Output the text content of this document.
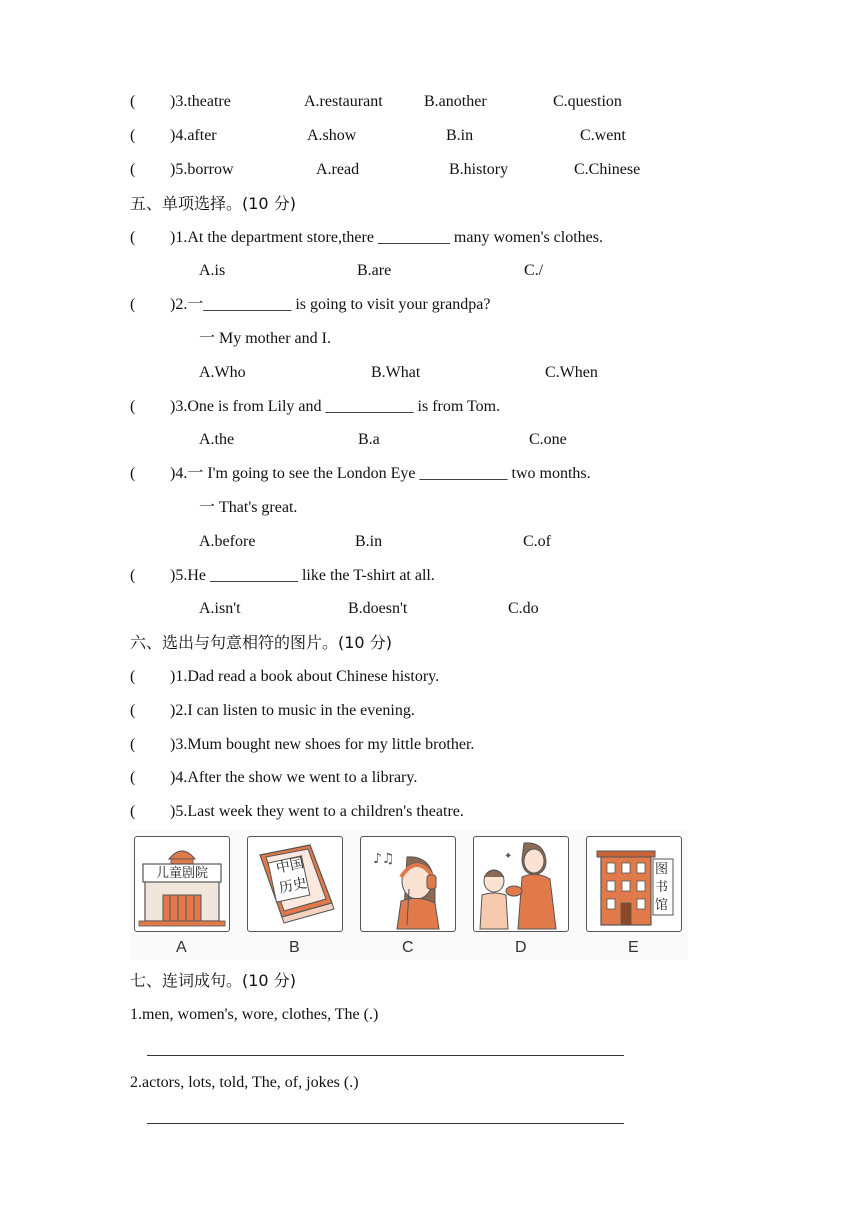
( )3.theatre	A.restaurant	B.another	C.question
( )4.after	A.show	B.in	C.went
( )5.borrow	A.read	B.history	C.Chinese
五、单项选择。(10 分)
( )1.At the department store,there _________ many women's clothes.
A.is	B.are	C./
( )2.一___________ is going to visit your grandpa?
一 My mother and I.
A.Who	B.What	C.When
( )3.One is from Lily and ___________ is from Tom.
A.the	B.a	C.one
( )4.一 I'm going to see the London Eye ___________ two months.
一 That's great.
A.before	B.in	C.of
( )5.He ___________ like the T-shirt at all.
A.isn't	B.doesn't	C.do
六、选出与句意相符的图片。(10 分)
( )1.Dad read a book about Chinese history.
( )2.I can listen to music in the evening.
( )3.Mum bought new shoes for my little brother.
( )4.After the show we went to a library.
( )5.Last week they went to a children's theatre.
儿童剧院	中国
历史
♪♫	✦
图
书
馆
A	B	C	D	E
七、连词成句。(10 分)
1.men, women's, wore, clothes, The (.)
2.actors, lots, told, The, of, jokes (.)
